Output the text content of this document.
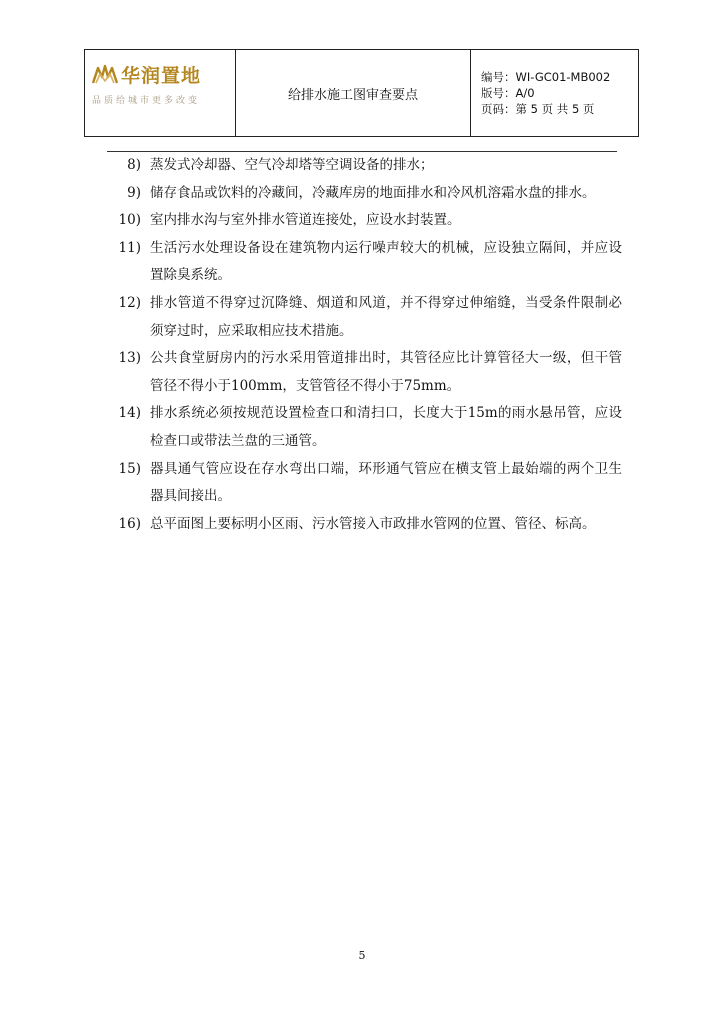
华润置地
品质给城市更多改变	给排水施工图审查要点
编号：WI-GC01-MB002
版号：A/0
页码：第 5 页 共 5 页
8) 蒸发式冷却器、空气冷却塔等空调设备的排水；
9) 储存食品或饮料的冷藏间，冷藏库房的地面排水和冷风机溶霜水盘的排水。
10) 室内排水沟与室外排水管道连接处，应设水封装置。
11) 生活污水处理设备设在建筑物内运行噪声较大的机械，应设独立隔间，并应设置除臭系统。
12) 排水管道不得穿过沉降缝、烟道和风道，并不得穿过伸缩缝，当受条件限制必须穿过时，应采取相应技术措施。
13) 公共食堂厨房内的污水采用管道排出时，其管径应比计算管径大一级，但干管管径不得小于100mm，支管管径不得小于75mm。
14) 排水系统必须按规范设置检查口和清扫口，长度大于15m的雨水悬吊管，应设检查口或带法兰盘的三通管。
15) 器具通气管应设在存水弯出口端，环形通气管应在横支管上最始端的两个卫生器具间接出。
16) 总平面图上要标明小区雨、污水管接入市政排水管网的位置、管径、标高。
5
